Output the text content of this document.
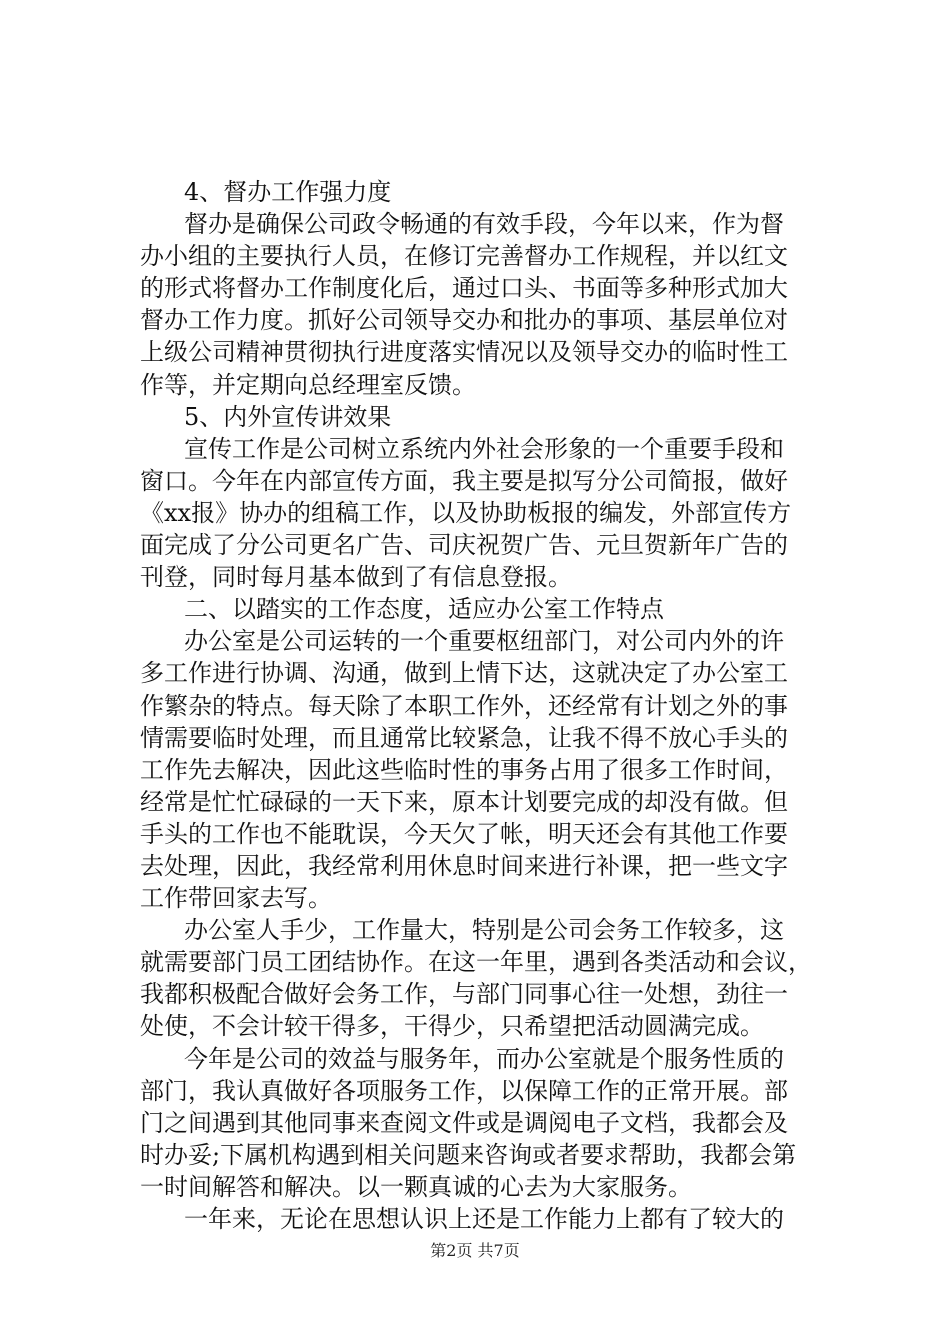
4、督办工作强力度
督办是确保公司政令畅通的有效手段，今年以来，作为督
办小组的主要执行人员，在修订完善督办工作规程，并以红文
的形式将督办工作制度化后，通过口头、书面等多种形式加大
督办工作力度。抓好公司领导交办和批办的事项、基层单位对
上级公司精神贯彻执行进度落实情况以及领导交办的临时性工
作等，并定期向总经理室反馈。
5、内外宣传讲效果
宣传工作是公司树立系统内外社会形象的一个重要手段和
窗口。今年在内部宣传方面，我主要是拟写分公司简报，做好
《xx报》协办的组稿工作，以及协助板报的编发，外部宣传方
面完成了分公司更名广告、司庆祝贺广告、元旦贺新年广告的
刊登，同时每月基本做到了有信息登报。
二、以踏实的工作态度，适应办公室工作特点
办公室是公司运转的一个重要枢纽部门，对公司内外的许
多工作进行协调、沟通，做到上情下达，这就决定了办公室工
作繁杂的特点。每天除了本职工作外，还经常有计划之外的事
情需要临时处理，而且通常比较紧急，让我不得不放心手头的
工作先去解决，因此这些临时性的事务占用了很多工作时间，
经常是忙忙碌碌的一天下来，原本计划要完成的却没有做。但
手头的工作也不能耽误，今天欠了帐，明天还会有其他工作要
去处理，因此，我经常利用休息时间来进行补课，把一些文字
工作带回家去写。
办公室人手少，工作量大，特别是公司会务工作较多，这
就需要部门员工团结协作。在这一年里，遇到各类活动和会议，
我都积极配合做好会务工作，与部门同事心往一处想，劲往一
处使，不会计较干得多，干得少，只希望把活动圆满完成。
今年是公司的效益与服务年，而办公室就是个服务性质的
部门，我认真做好各项服务工作，以保障工作的正常开展。部
门之间遇到其他同事来查阅文件或是调阅电子文档，我都会及
时办妥;下属机构遇到相关问题来咨询或者要求帮助，我都会第
一时间解答和解决。以一颗真诚的心去为大家服务。
一年来，无论在思想认识上还是工作能力上都有了较大的
第2页 共7页
